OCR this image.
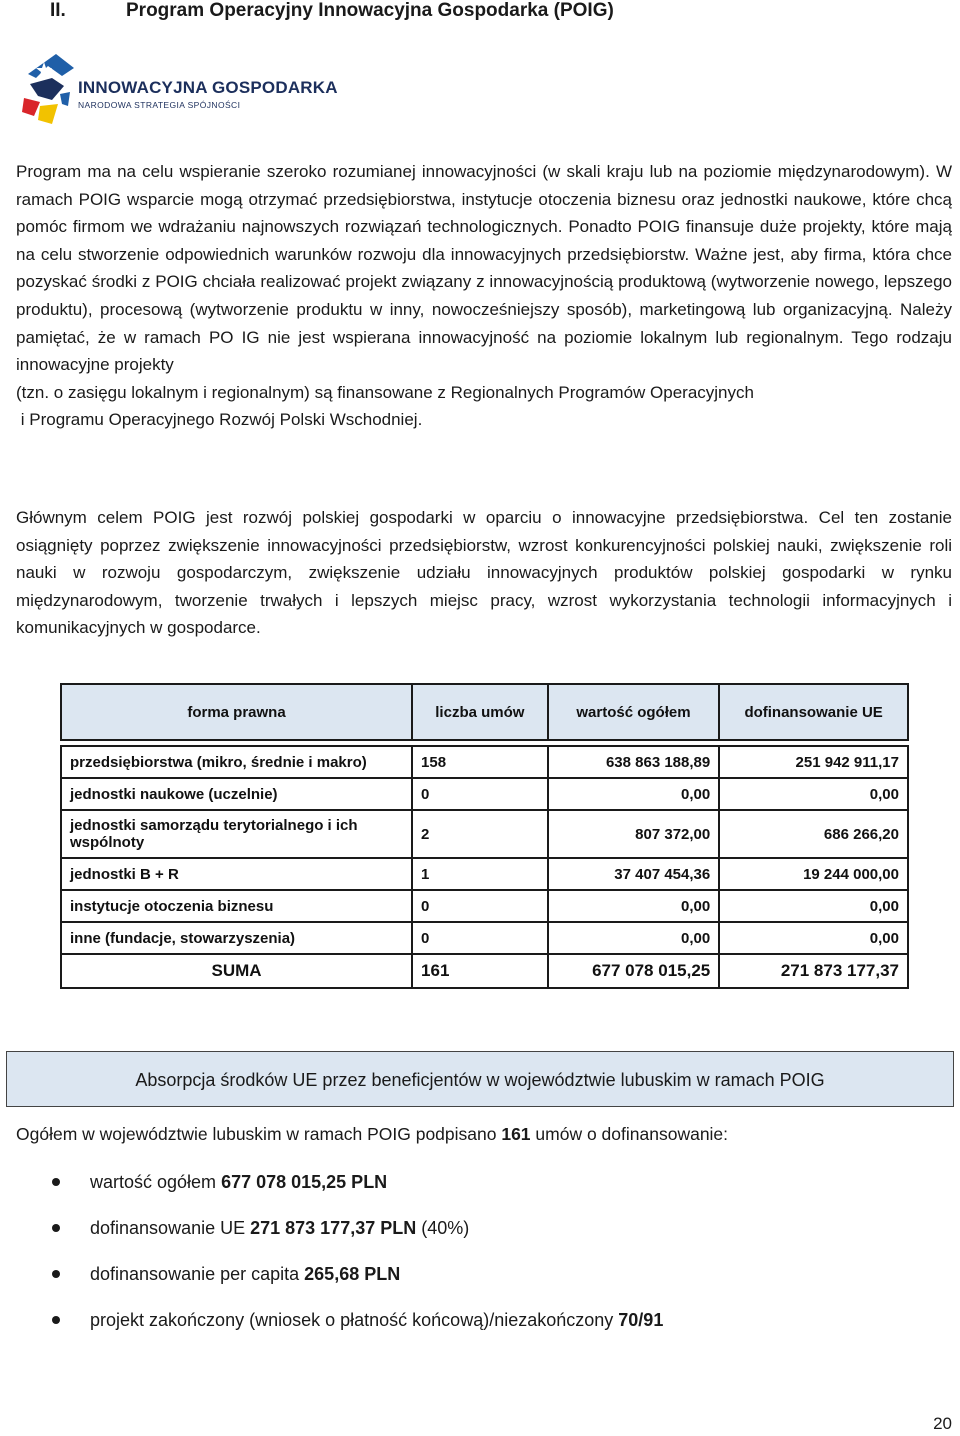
II.	Program Operacyjny Innowacyjna Gospodarka (POIG)
INNOWACYJNA GOSPODARKA
NARODOWA STRATEGIA SPÓJNOŚCI

Program ma na celu wspieranie szeroko rozumianej innowacyjności (w skali kraju lub na poziomie międzynarodowym). W ramach POIG wsparcie mogą otrzymać przedsiębiorstwa, instytucje otoczenia biznesu oraz jednostki naukowe, które chcą pomóc firmom we wdrażaniu najnowszych rozwiązań technologicznych. Ponadto POIG finansuje duże projekty, które mają na celu stworzenie odpowiednich warunków rozwoju dla innowacyjnych przedsiębiorstw. Ważne jest, aby firma, która chce pozyskać środki z POIG chciała realizować projekt związany z innowacyjnością produktową (wytworzenie nowego, lepszego produktu), procesową (wytworzenie produktu w inny, nowocześniejszy sposób), marketingową lub organizacyjną. Należy pamiętać, że w ramach PO IG nie jest wspierana innowacyjność na poziomie lokalnym lub regionalnym. Tego rodzaju innowacyjne projekty
(tzn. o zasięgu lokalnym i regionalnym) są finansowane z Regionalnych Programów Operacyjnych
i Programu Operacyjnego Rozwój Polski Wschodniej.

Głównym celem POIG jest rozwój polskiej gospodarki w oparciu o innowacyjne przedsiębiorstwa. Cel ten zostanie osiągnięty poprzez zwiększenie innowacyjności przedsiębiorstw, wzrost konkurencyjności polskiej nauki, zwiększenie roli nauki w rozwoju gospodarczym, zwiększenie udziału innowacyjnych produktów polskiej gospodarki w rynku międzynarodowym, tworzenie trwałych i lepszych miejsc pracy, wzrost wykorzystania technologii informacyjnych i komunikacyjnych w gospodarce.

forma prawna	liczba umów	wartość ogółem	dofinansowanie UE

przedsiębiorstwa (mikro, średnie i makro)	158	638 863 188,89	251 942 911,17
jednostki naukowe (uczelnie)	0	0,00	0,00
jednostki samorządu terytorialnego i ich wspólnoty	2	807 372,00	686 266,20
jednostki B + R	1	37 407 454,36	19 244 000,00
instytucje otoczenia biznesu	0	0,00	0,00
inne (fundacje, stowarzyszenia)	0	0,00	0,00
SUMA	161	677 078 015,25	271 873 177,37
Absorpcja środków UE przez beneficjentów w województwie lubuskim w ramach POIG
Ogółem w województwie lubuskim w ramach POIG podpisano 161 umów o dofinansowanie:
wartość ogółem 677 078 015,25 PLN
dofinansowanie UE 271 873 177,37 PLN (40%)
dofinansowanie per capita 265,68 PLN
projekt zakończony (wniosek o płatność końcową)/niezakończony 70/91
20
